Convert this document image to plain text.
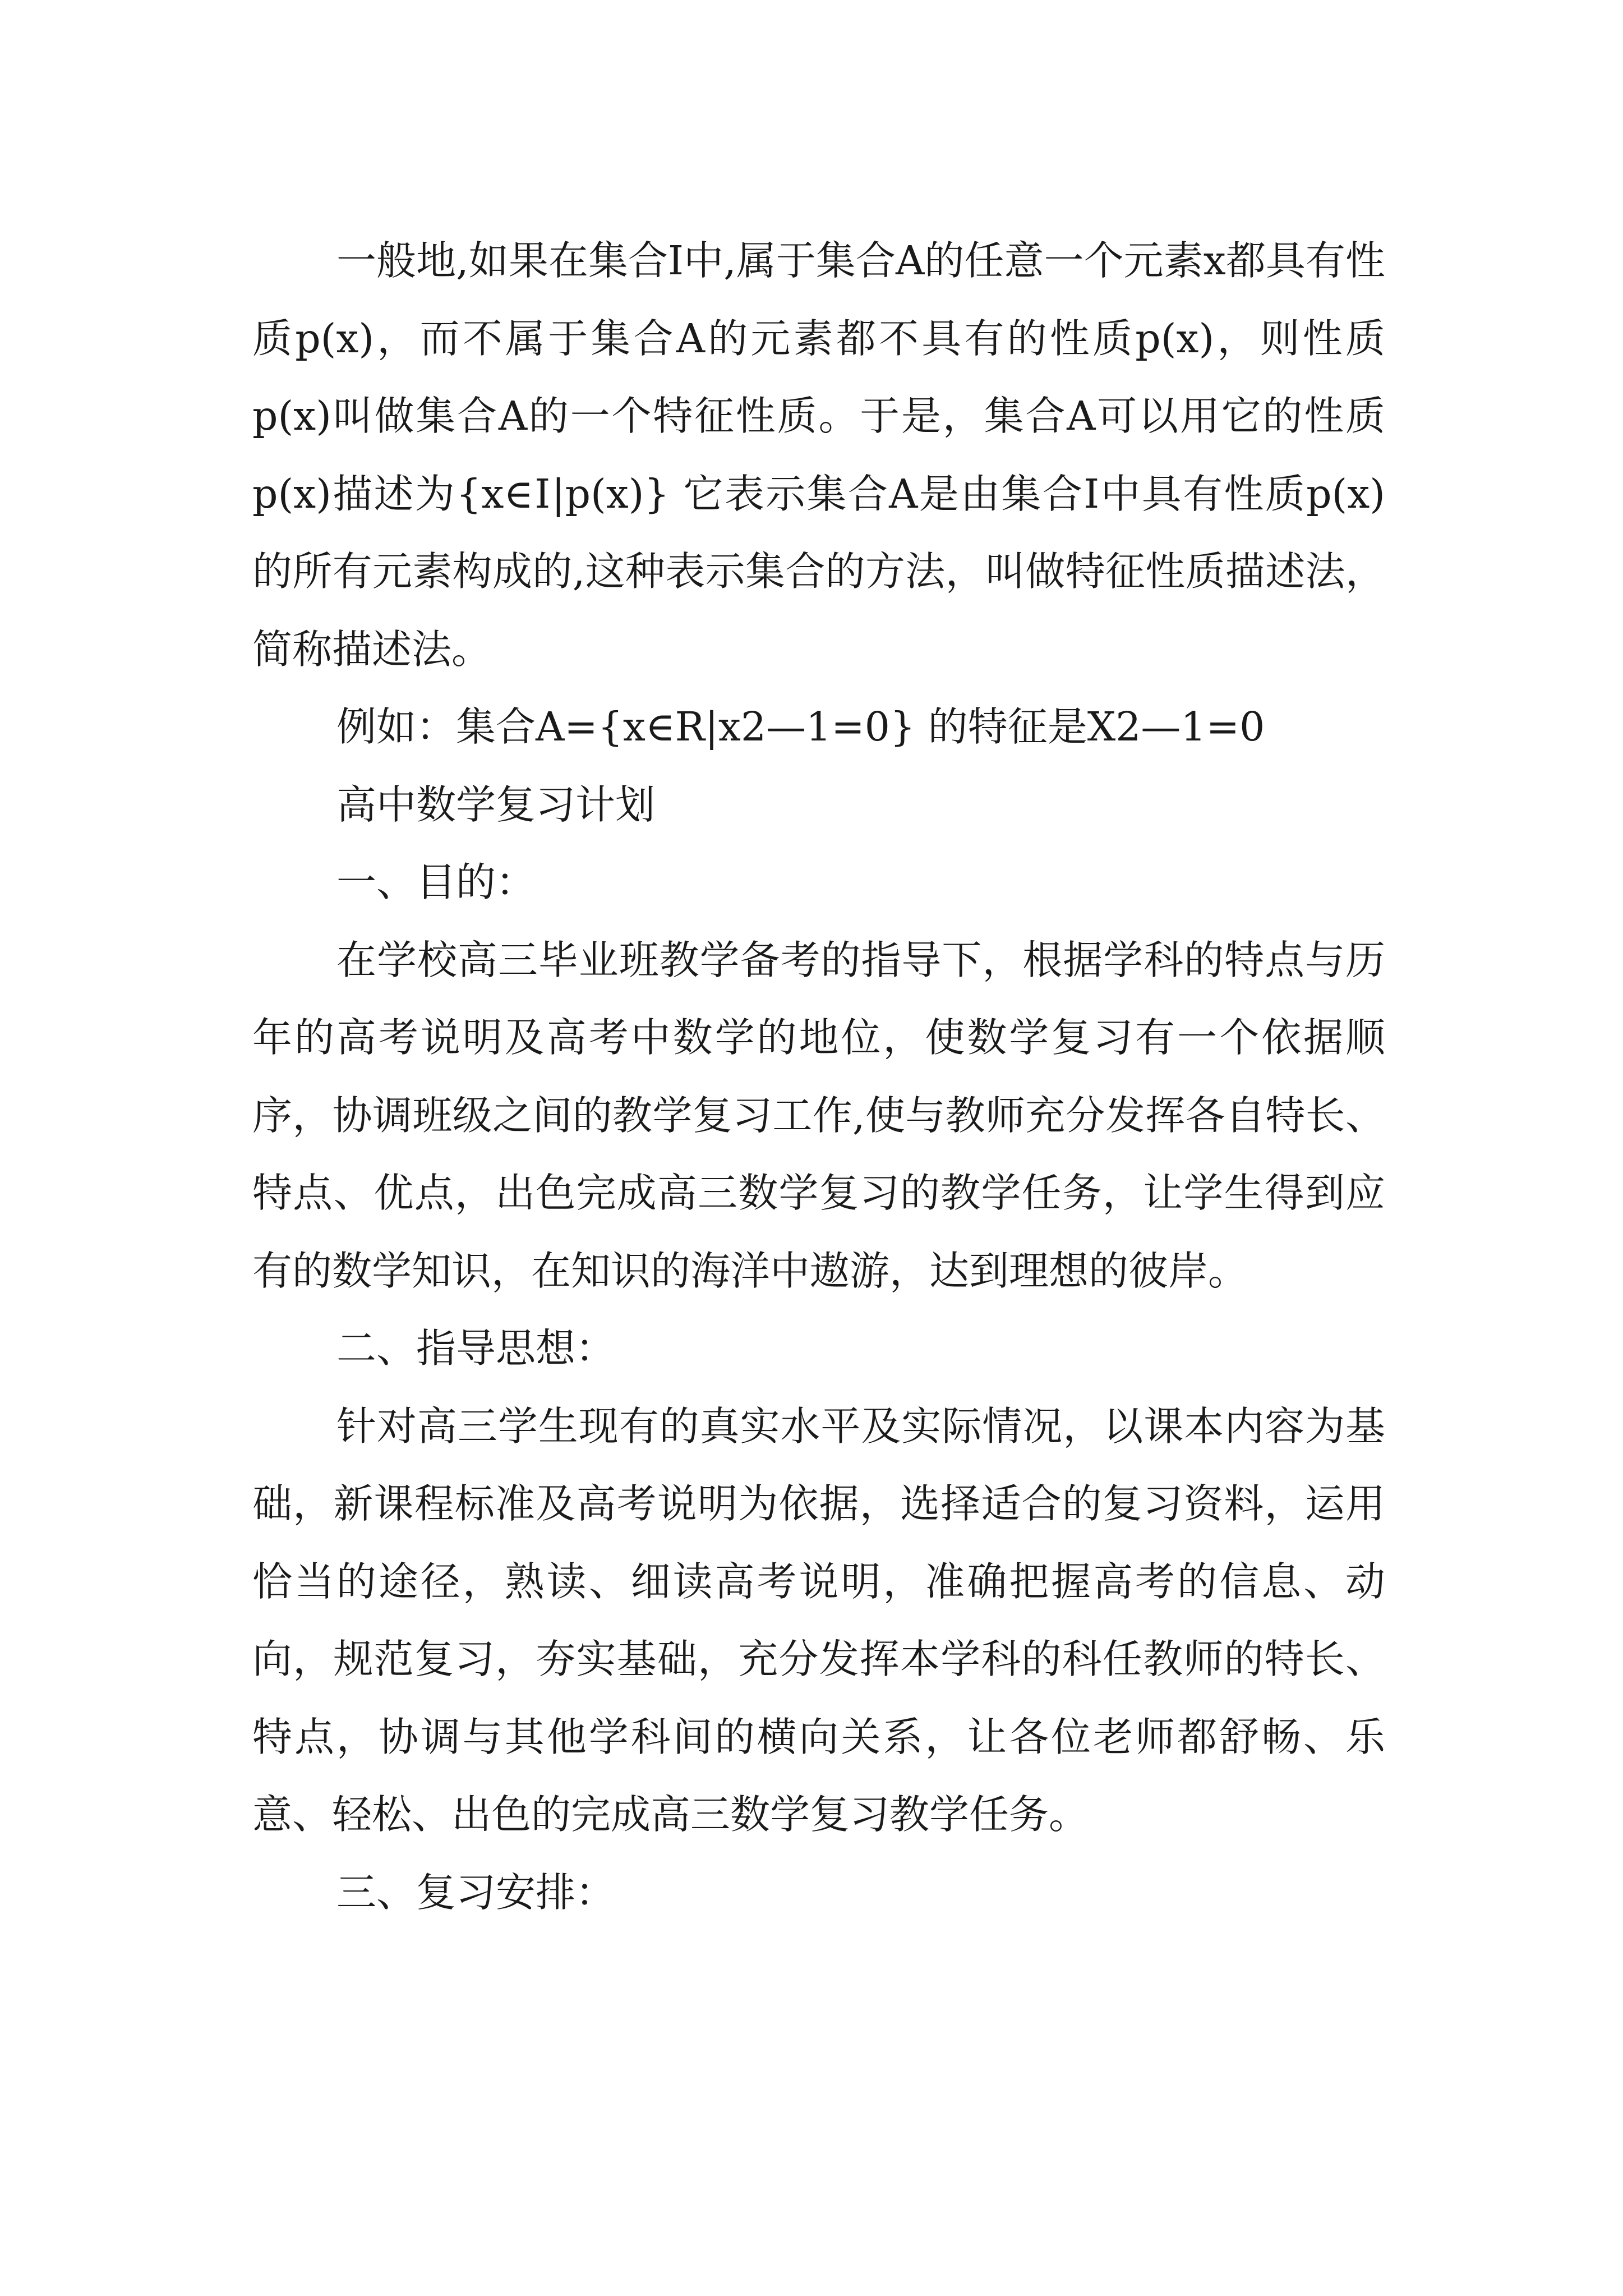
一般地,如果在集合Ⅰ中,属于集合A的任意一个元素x都具有性质p(x)，而不属于集合A的元素都不具有的性质p(x)，则性质p(x)叫做集合A的一个特征性质。于是，集合A可以用它的性质p(x)描述为{x∈Ⅰ|p(x)} 它表示集合A是由集合Ⅰ中具有性质p(x)的所有元素构成的,这种表示集合的方法，叫做特征性质描述法，简称描述法。

例如：集合A={x∈R|x2—1=0} 的特征是X2—1=0

高中数学复习计划

一、目的：

在学校高三毕业班教学备考的指导下，根据学科的特点与历年的高考说明及高考中数学的地位，使数学复习有一个依据顺序，协调班级之间的教学复习工作,使与教师充分发挥各自特长、特点、优点，出色完成高三数学复习的教学任务，让学生得到应有的数学知识，在知识的海洋中遨游，达到理想的彼岸。

二、指导思想：

针对高三学生现有的真实水平及实际情况，以课本内容为基础，新课程标准及高考说明为依据，选择适合的复习资料，运用恰当的途径，熟读、细读高考说明，准确把握高考的信息、动向，规范复习，夯实基础，充分发挥本学科的科任教师的特长、特点，协调与其他学科间的横向关系，让各位老师都舒畅、乐意、轻松、出色的完成高三数学复习教学任务。

三、复习安排：
